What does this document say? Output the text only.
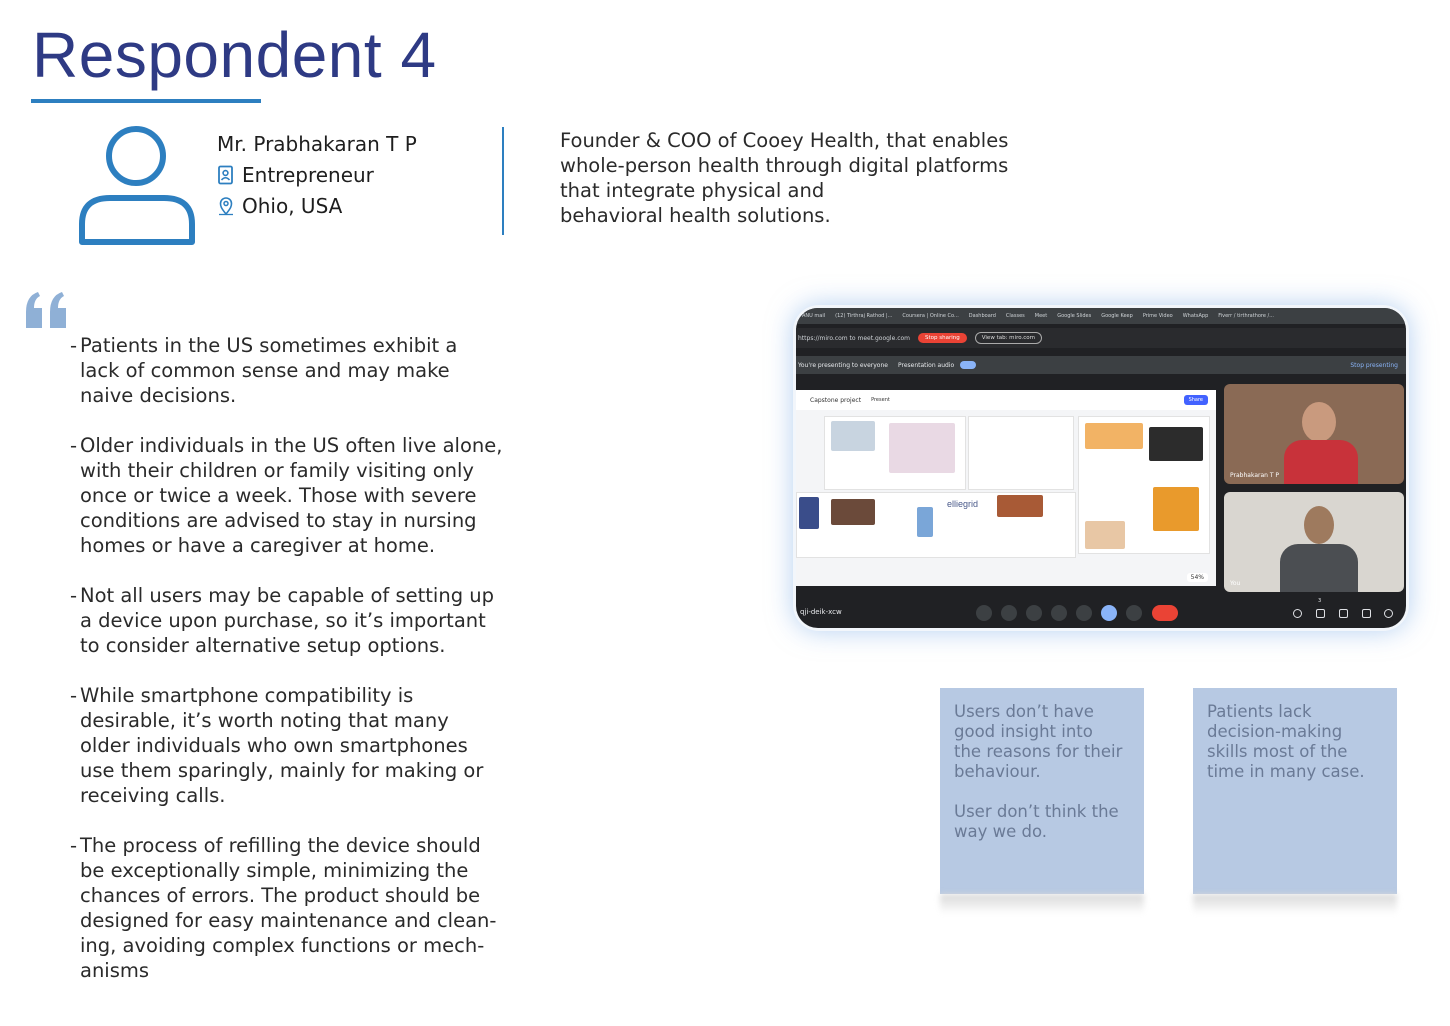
Respondent 4
Mr. Prabhakaran T P
Entrepreneur
Ohio, USA
Founder & COO of Cooey Health, that enables
whole-person health through digital platforms
that integrate physical and
behavioral health solutions.
- Patients in the US sometimes exhibit a
lack of common sense and may make
naive decisions.
- Older individuals in the US often live alone,
with their children or family visiting only
once or twice a week. Those with severe
conditions are advised to stay in nursing
homes or have a caregiver at home.
- Not all users may be capable of setting up
a device upon purchase, so it’s important
to consider alternative setup options.
- While smartphone compatibility is
desirable, it’s worth noting that many
older individuals who own smartphones
use them sparingly, mainly for making or
receiving calls.
- The process of refilling the device should
be exceptionally simple, minimizing the
chances of errors. The product should be
designed for easy maintenance and clean-
ing, avoiding complex functions or mech-
anisms
ANU mail (12) Tirthraj Rathod |... Coursera | Online Co... Dashboard Classes Meet Google Slides Google Keep Prime Video WhatsApp Fiverr / tirthrathore /...
https://miro.com to meet.google.com	Stop sharing	View tab: miro.com
You're presenting to everyone Presentation audio	Stop presenting
Capstone project Present	Share
elliegrid
54%
Prabhakaran T P
You
qji-deik-xcw
3
Users don’t have
good insight into
the reasons for their
behaviour.

User don’t think the
way we do.
Patients lack
decision-making
skills most of the
time in many case.
